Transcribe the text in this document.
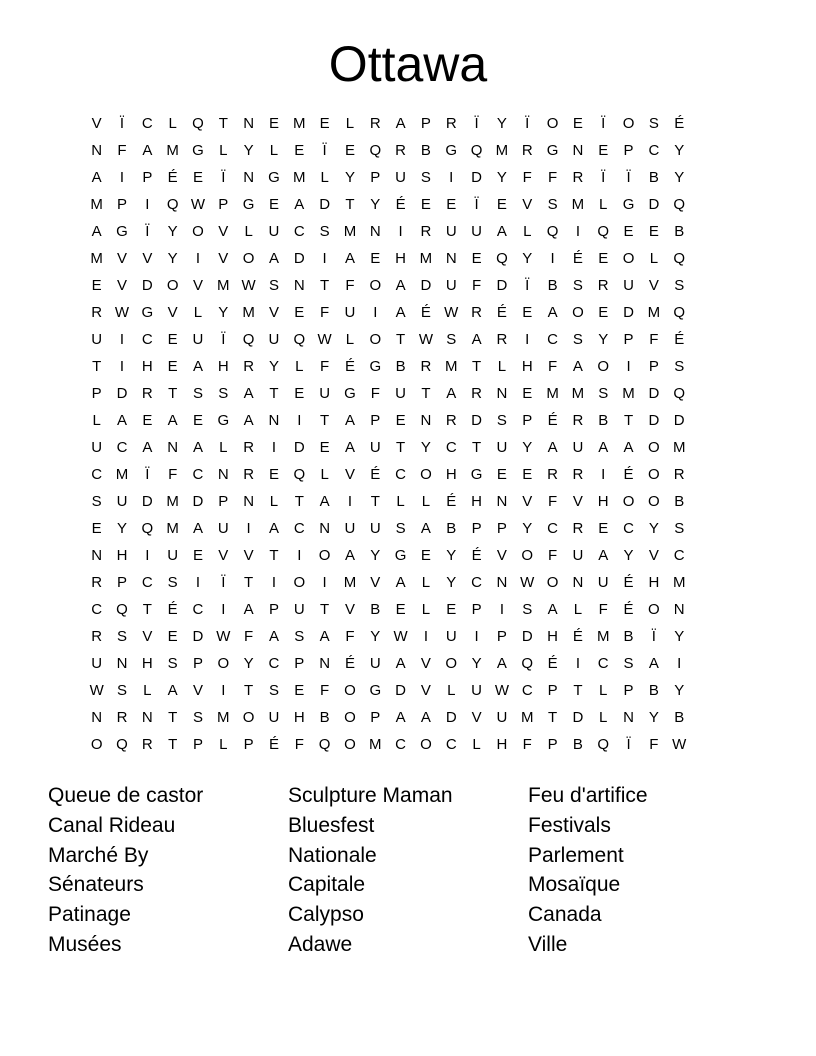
Ottawa
V	Ï	C	L	Q T	N E M E	L	R A	P R	Ï	Y	Ï	O E	Ï	O S	É
N	F	A M G	L	Y	L	E	Ï	E Q R B G Q M R G N E	P C Y
A	I	P	É	E	Ï	N G M L	Y	P U S	I	D Y	F	F	R	Ï	Ï	B	Y
M P	I	Q W P G E	A D	T	Y	É	E	E	Ï	E	V	S M L	G D Q
A G	Ï	Y O V	L	U C S M N	I	R U U A	L	Q	I	Q E	E	B
M V	V	Y	I	V O A D	I	A	E H M N E Q Y	I	É	E O	L	Q
E	V D O V M W S N	T	F O A D U	F	D	Ï	B	S R U V	S
R W G V	L	Y M V	E	F	U	I	A	É W R É	E	A O E D M Q
U	I	C E U	Ï	Q U Q W L	O T W S	A R	I	C S	Y	P	F	É
T	I	H E	A H R Y	L	F	É G B R M T	L	H	F	A O	I	P	S
P D R	T	S	S	A	T	E U G F	U	T	A R N E M M S M D Q
L	A	E	A	E G A N	I	T	A	P	E N R D S	P	É R B	T	D D
U C A N A	L	R	I	D E	A U	T	Y C	T	U Y	A U A	A O M
C M	Ï	F	C N R E Q	L	V	É C O H G E	E R R	I	É O R
S U D M D P N	L	T	A	I	T	L	L	É H N V	F	V H O O B
E	Y Q M A U	I	A C N U U S	A	B	P	P	Y C R E C Y	S
N H	I	U E	V	V	T	I	O A	Y G E	Y	É	V O F	U A	Y	V C
R P C S	I	Ï	T	I	O	I	M V	A	L	Y C N W O N U É H M
C Q T	É C	I	A	P U	T	V	B	E	L	E	P	I	S	A	L	F	É O N
R S	V	E D W F	A	S	A	F	Y W	I	U	I	P D H É M B	Ï	Y
U N H S	P O Y C P N É U A	V O Y	A Q É	I	C S	A	I
W S	L	A	V	I	T	S	E	F O G D V	L	U W C P	T	L	P	B	Y
N R N	T	S M O U H B O P	A	A D V U M T	D	L	N Y	B
O Q R	T	P	L	P	É	F Q O M C O C	L	H	F	P	B Q	Ï	F W
Queue de castor
Canal Rideau
Marché By
Sénateurs
Patinage
Musées
Sculpture Maman
Bluesfest
Nationale
Capitale
Calypso
Adawe
Feu d'artifice
Festivals
Parlement
Mosaïque
Canada
Ville
